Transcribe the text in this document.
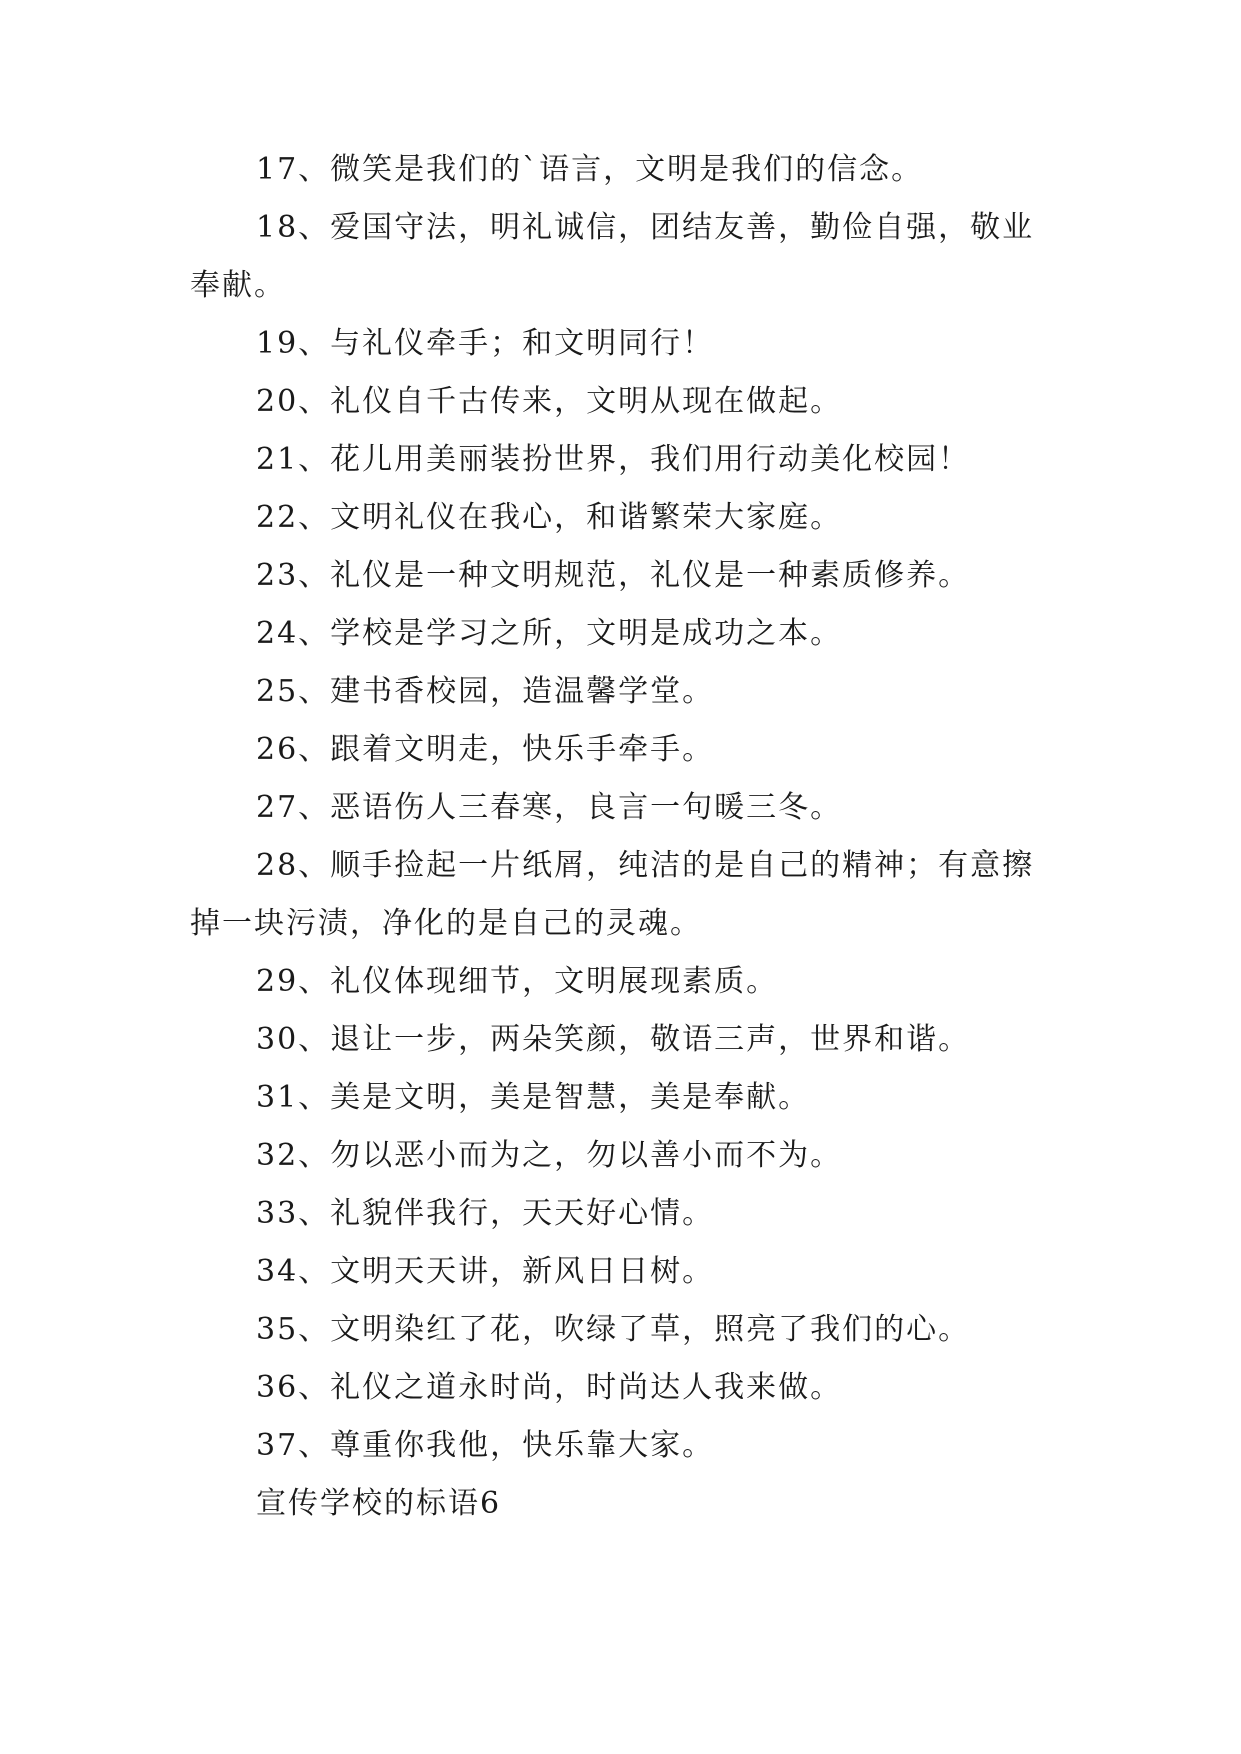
17、微笑是我们的`语言，文明是我们的信念。

18、爱国守法，明礼诚信，团结友善，勤俭自强，敬业
奉献。

19、与礼仪牵手；和文明同行！

20、礼仪自千古传来，文明从现在做起。

21、花儿用美丽装扮世界，我们用行动美化校园！

22、文明礼仪在我心，和谐繁荣大家庭。

23、礼仪是一种文明规范，礼仪是一种素质修养。

24、学校是学习之所，文明是成功之本。

25、建书香校园，造温馨学堂。

26、跟着文明走，快乐手牵手。

27、恶语伤人三春寒，良言一句暖三冬。

28、顺手捡起一片纸屑，纯洁的是自己的精神；有意擦
掉一块污渍，净化的是自己的灵魂。

29、礼仪体现细节，文明展现素质。

30、退让一步，两朵笑颜，敬语三声，世界和谐。

31、美是文明，美是智慧，美是奉献。

32、勿以恶小而为之，勿以善小而不为。

33、礼貌伴我行，天天好心情。

34、文明天天讲，新风日日树。

35、文明染红了花，吹绿了草，照亮了我们的心。

36、礼仪之道永时尚，时尚达人我来做。

37、尊重你我他，快乐靠大家。

宣传学校的标语6
